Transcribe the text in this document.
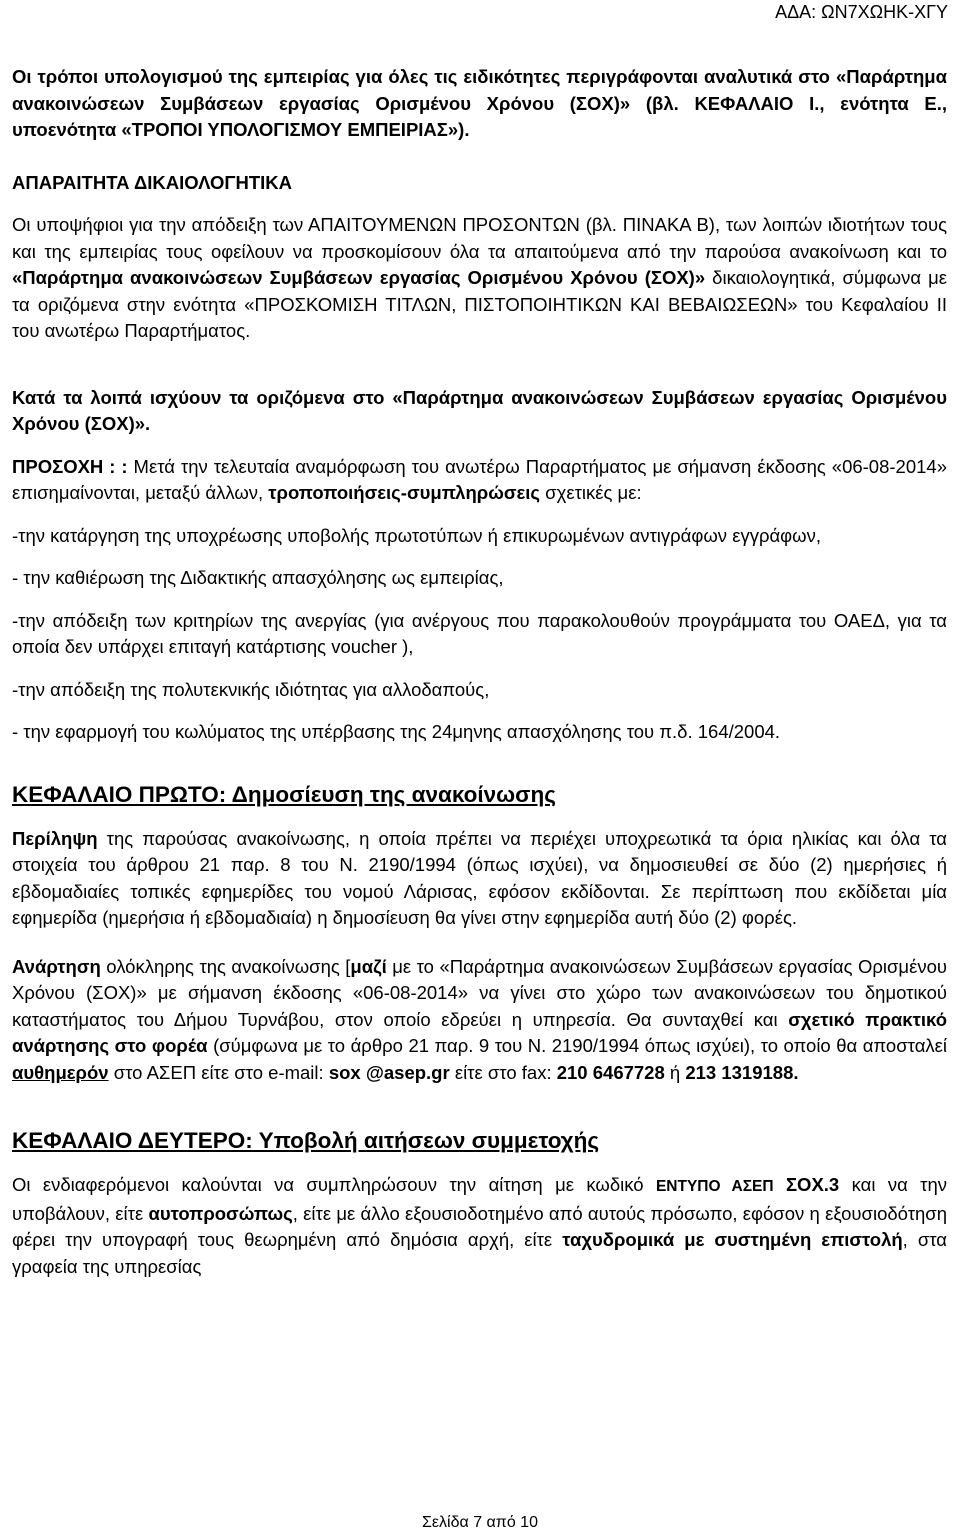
ΑΔΑ: ΩΝ7ΧΩΗΚ-ΧΓΥ

Οι τρόποι υπολογισμού της εμπειρίας για όλες τις ειδικότητες περιγράφονται αναλυτικά στο «Παράρτημα ανακοινώσεων Συμβάσεων εργασίας Ορισμένου Χρόνου (ΣΟΧ)» (βλ. ΚΕΦΑΛΑΙΟ Ι., ενότητα Ε., υποενότητα «ΤΡΟΠΟΙ ΥΠΟΛΟΓΙΣΜΟΥ ΕΜΠΕΙΡΙΑΣ»).

ΑΠΑΡΑΙΤΗΤΑ ΔΙΚΑΙΟΛΟΓΗΤΙΚΑ

Οι υποψήφιοι για την απόδειξη των ΑΠΑΙΤΟΥΜΕΝΩΝ ΠΡΟΣΟΝΤΩΝ (βλ. ΠΙΝΑΚΑ Β), των λοιπών ιδιοτήτων τους και της εμπειρίας τους οφείλουν να προσκομίσουν όλα τα απαιτούμενα από την παρούσα ανακοίνωση και το «Παράρτημα ανακοινώσεων Συμβάσεων εργασίας Ορισμένου Χρόνου (ΣΟΧ)» δικαιολογητικά, σύμφωνα με τα οριζόμενα στην ενότητα «ΠΡΟΣΚΟΜΙΣΗ ΤΙΤΛΩΝ, ΠΙΣΤΟΠΟΙΗΤΙΚΩΝ ΚΑΙ ΒΕΒΑΙΩΣΕΩΝ» του Κεφαλαίου ΙΙ του ανωτέρω Παραρτήματος.

Κατά τα λοιπά ισχύουν τα οριζόμενα στο «Παράρτημα ανακοινώσεων Συμβάσεων εργασίας Ορισμένου Χρόνου (ΣΟΧ)».

ΠΡΟΣΟΧΗ : : Μετά την τελευταία αναμόρφωση του ανωτέρω Παραρτήματος με σήμανση έκδοσης «06-08-2014» επισημαίνονται, μεταξύ άλλων, τροποποιήσεις-συμπληρώσεις σχετικές με:

-την κατάργηση της υποχρέωσης υποβολής πρωτοτύπων ή επικυρωμένων αντιγράφων εγγράφων,

- την καθιέρωση της Διδακτικής απασχόλησης ως εμπειρίας,

-την απόδειξη των κριτηρίων της ανεργίας (για ανέργους που παρακολουθούν προγράμματα του ΟΑΕΔ, για τα οποία δεν υπάρχει επιταγή κατάρτισης voucher ),

-την απόδειξη της πολυτεκνικής ιδιότητας για αλλοδαπούς,

- την εφαρμογή του κωλύματος της υπέρβασης της 24μηνης απασχόλησης του π.δ. 164/2004.

ΚΕΦΑΛΑΙΟ ΠΡΩΤΟ: Δημοσίευση της ανακοίνωσης

Περίληψη της παρούσας ανακοίνωσης, η οποία πρέπει να περιέχει υποχρεωτικά τα όρια ηλικίας και όλα τα στοιχεία του άρθρου 21 παρ. 8 του Ν. 2190/1994 (όπως ισχύει), να δημοσιευθεί σε δύο (2) ημερήσιες ή εβδομαδιαίες τοπικές εφημερίδες του νομού Λάρισας, εφόσον εκδίδονται. Σε περίπτωση που εκδίδεται μία εφημερίδα (ημερήσια ή εβδομαδιαία) η δημοσίευση θα γίνει στην εφημερίδα αυτή δύο (2) φορές.

Ανάρτηση ολόκληρης της ανακοίνωσης [μαζί με το «Παράρτημα ανακοινώσεων Συμβάσεων εργασίας Ορισμένου Χρόνου (ΣΟΧ)» με σήμανση έκδοσης «06-08-2014» να γίνει στο χώρο των ανακοινώσεων του δημοτικού καταστήματος του Δήμου Τυρνάβου, στον οποίο εδρεύει η υπηρεσία. Θα συνταχθεί και σχετικό πρακτικό ανάρτησης στο φορέα (σύμφωνα με το άρθρο 21 παρ. 9 του Ν. 2190/1994 όπως ισχύει), το οποίο θα αποσταλεί αυθημερόν στο ΑΣΕΠ είτε στο e-mail: sox @asep.gr είτε στο fax: 210 6467728 ή 213 1319188.

ΚΕΦΑΛΑΙΟ ΔΕΥΤΕΡΟ: Υποβολή αιτήσεων συμμετοχής

Οι ενδιαφερόμενοι καλούνται να συμπληρώσουν την αίτηση με κωδικό ΕΝΤΥΠΟ ΑΣΕΠ ΣΟΧ.3 και να την υποβάλουν, είτε αυτοπροσώπως, είτε με άλλο εξουσιοδοτημένο από αυτούς πρόσωπο, εφόσον η εξουσιοδότηση φέρει την υπογραφή τους θεωρημένη από δημόσια αρχή, είτε ταχυδρομικά με συστημένη επιστολή, στα γραφεία της υπηρεσίας

Σελίδα 7 από 10
